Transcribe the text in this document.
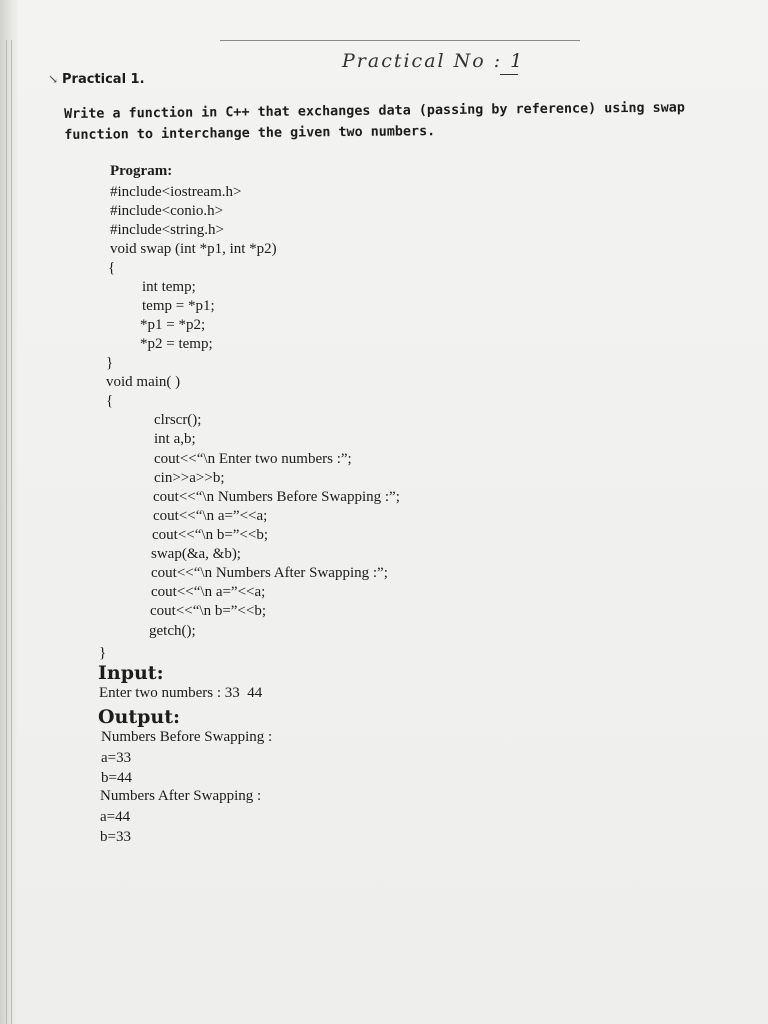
Practical No : 1
↘ Practical 1.
Write a function in C++ that exchanges data (passing by reference) using swap function to interchange the given two numbers.
Program:
#include<iostream.h>
#include<conio.h>
#include<string.h>
void swap (int *p1, int *p2)
{
int temp;
temp = *p1;
*p1 = *p2;
*p2 = temp;
}
void main( )
{
clrscr();
int a,b;
cout<<“\n Enter two numbers :”;
cin>>a>>b;
cout<<“\n Numbers Before Swapping :”;
cout<<“\n a=”<<a;
cout<<“\n b=”<<b;
swap(&a, &b);
cout<<“\n Numbers After Swapping :”;
cout<<“\n a=”<<a;
cout<<“\n b=”<<b;
getch();
}
Input:
Enter two numbers : 33  44
Output:
Numbers Before Swapping :
a=33
b=44
Numbers After Swapping :
a=44
b=33
